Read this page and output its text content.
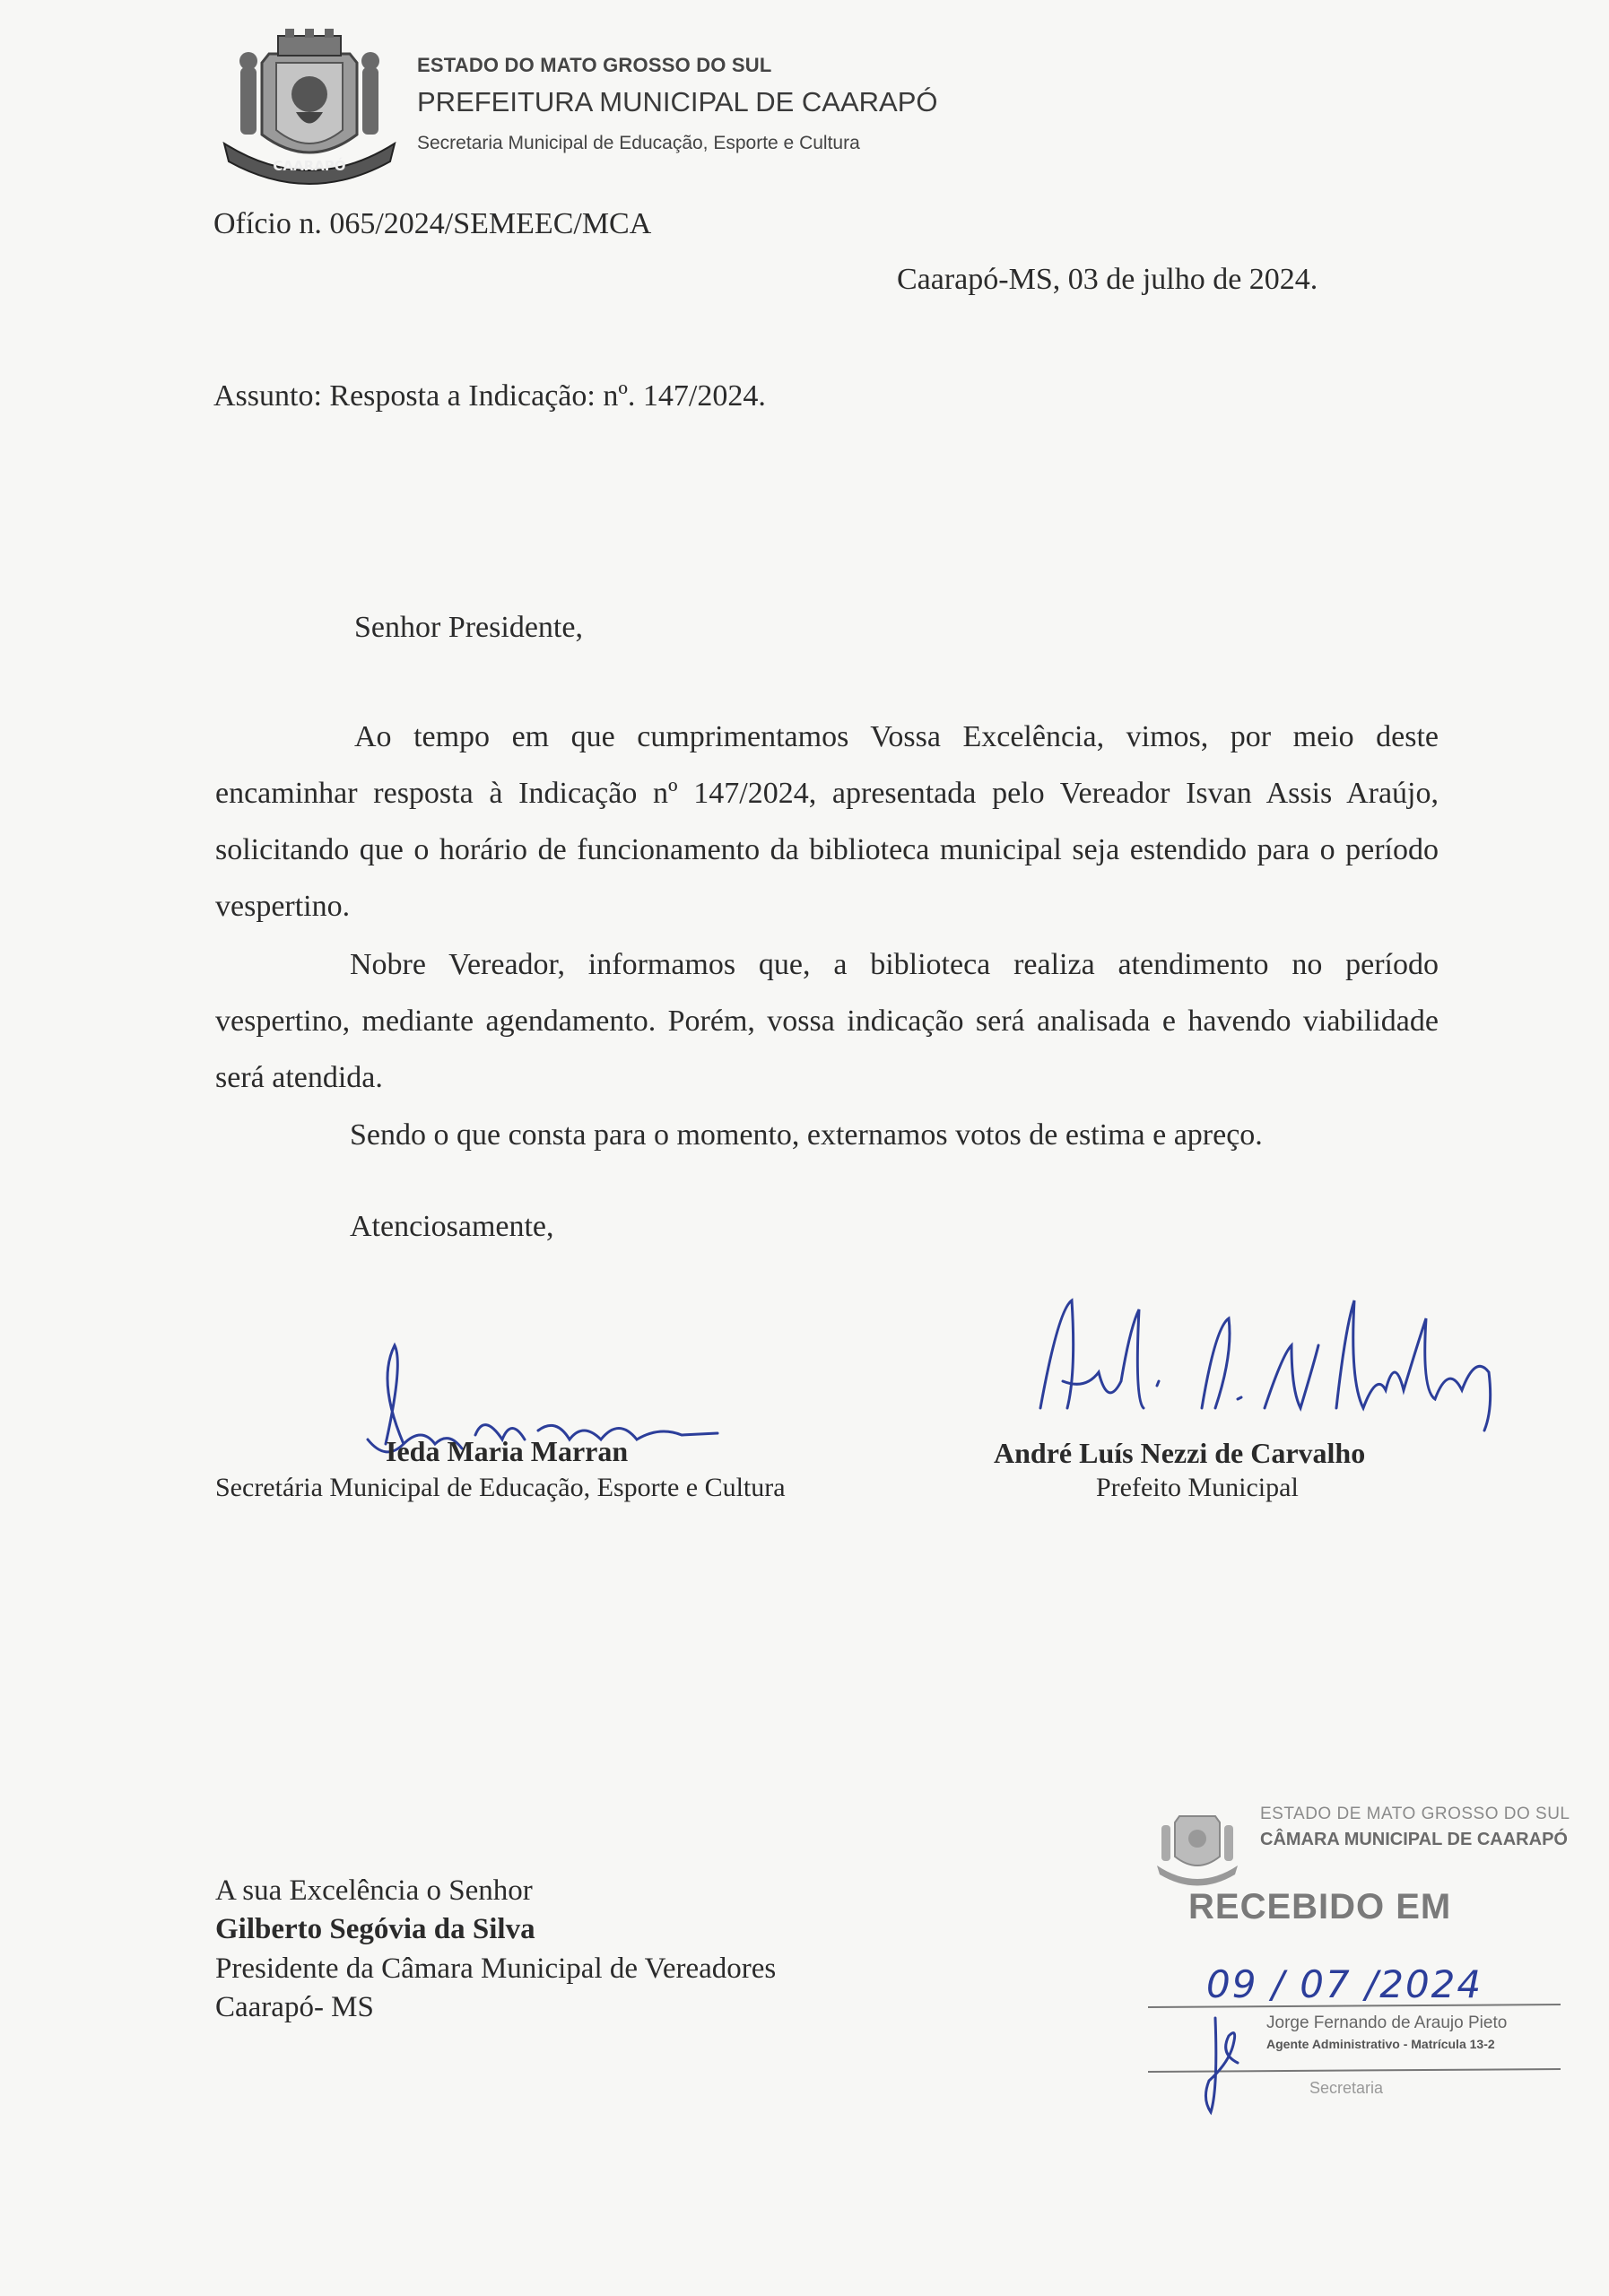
CAARAPÓ
ESTADO DO MATO GROSSO DO SUL
PREFEITURA MUNICIPAL DE CAARAPÓ
Secretaria Municipal de Educação, Esporte e Cultura
Ofício n. 065/2024/SEMEEC/MCA
Caarapó-MS, 03 de julho de 2024.
Assunto: Resposta a Indicação: nº. 147/2024.
Senhor Presidente,
Ao tempo em que cumprimentamos Vossa Excelência, vimos, por meio deste encaminhar resposta à Indicação nº 147/2024, apresentada pelo Vereador Isvan Assis Araújo, solicitando que o horário de funcionamento da biblioteca municipal seja estendido para o período vespertino.
Nobre Vereador, informamos que, a biblioteca realiza atendimento no período vespertino, mediante agendamento. Porém, vossa indicação será analisada e havendo viabilidade será atendida.
Sendo o que consta para o momento, externamos votos de estima e apreço.
Atenciosamente,
Ieda Maria Marran
Secretária Municipal de Educação, Esporte e Cultura
André Luís Nezzi de Carvalho
Prefeito Municipal
A sua Excelência o Senhor
Gilberto Segóvia da Silva
Presidente da Câmara Municipal de Vereadores
Caarapó- MS
ESTADO DE MATO GROSSO DO SUL
CÂMARA MUNICIPAL DE CAARAPÓ
RECEBIDO EM
09 / 07 /2024
Jorge Fernando de Araujo Pieto
Agente Administrativo - Matrícula 13-2
Secretaria
